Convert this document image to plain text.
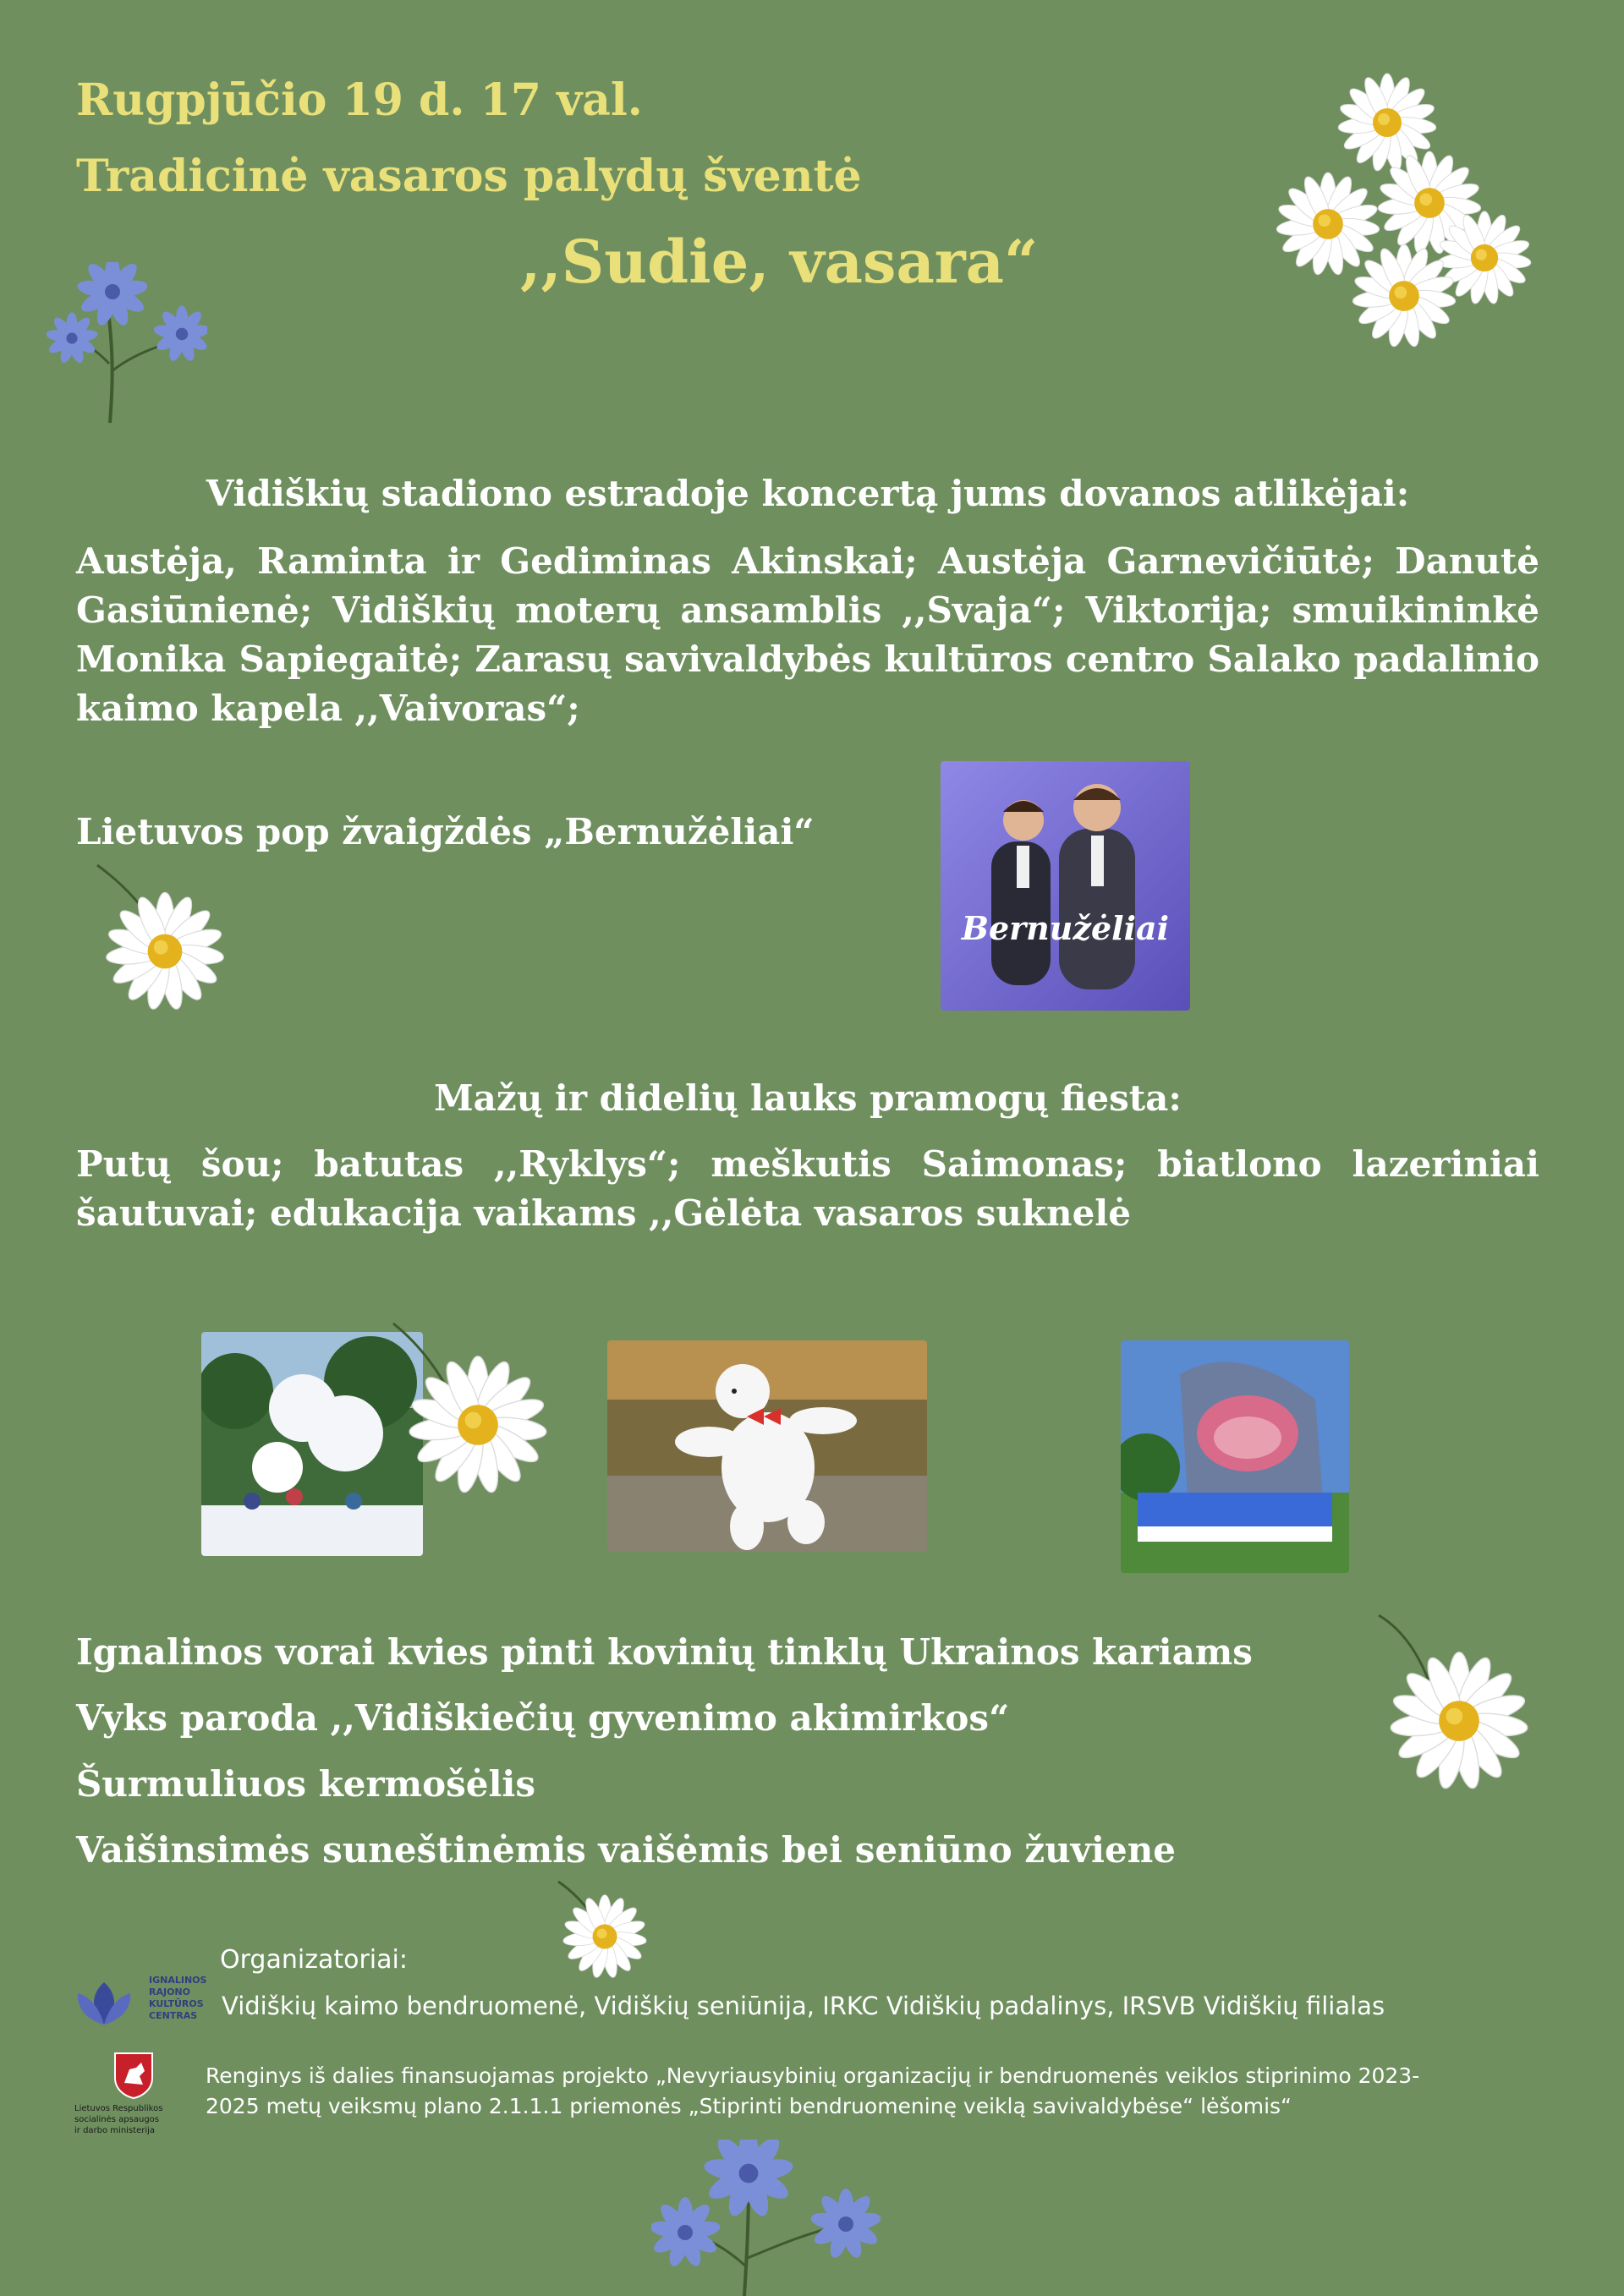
Rugpjūčio 19 d. 17 val.
Tradicinė vasaros palydų šventė
,,Sudie, vasara“
Vidiškių stadiono estradoje koncertą jums dovanos atlikėjai:
Austėja, Raminta ir Gediminas Akinskai; Austėja Garnevičiūtė; Danutė Gasiūnienė; Vidiškių moterų ansamblis ,,Svaja“; Viktorija; smuikininkė Monika Sapiegaitė; Zarasų savivaldybės kultūros centro Salako padalinio kaimo kapela ,,Vaivoras“;
Lietuvos pop žvaigždės „Bernužėliai“
Bernužėliai
Mažų ir didelių lauks pramogų fiesta:
Putų šou; batutas ,,Ryklys“; meškutis Saimonas; biatlono lazeriniai šautuvai; edukacija vaikams ,,Gėlėta vasaros suknelė
Ignalinos vorai kvies pinti kovinių tinklų Ukrainos kariams
Vyks paroda ,,Vidiškiečių gyvenimo akimirkos“
Šurmuliuos kermošėlis
Vaišinsimės suneštinėmis vaišėmis bei seniūno žuviene
Organizatoriai:
IGNALINOS
RAJONO
KULTŪROS
CENTRAS Vidiškių kaimo bendruomenė, Vidiškių seniūnija, IRKC Vidiškių padalinys, IRSVB Vidiškių filialas
Lietuvos Respublikos
socialinės apsaugos
ir darbo ministerija
Renginys iš dalies finansuojamas projekto „Nevyriausybinių organizacijų ir bendruomenės veiklos stiprinimo 2023-
2025 metų veiksmų plano 2.1.1.1 priemonės „Stiprinti bendruomeninę veiklą savivaldybėse“ lėšomis“
